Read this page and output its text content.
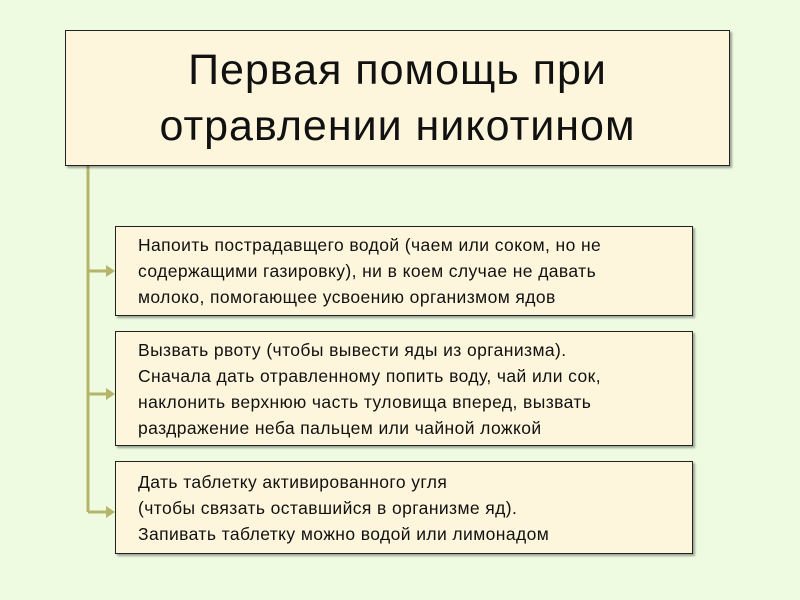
Первая помощь при
отравлении никотином
Напоить пострадавщего водой (чаем или соком, но не
содержащими газировку), ни в коем случае не давать
молоко, помогающее усвоению организмом ядов
Вызвать рвоту (чтобы вывести яды из организма).
Сначала дать отравленному попить воду, чай или сок,
наклонить верхнюю часть туловища вперед, вызвать
раздражение неба пальцем или чайной ложкой
Дать таблетку активированного угля
(чтобы связать оставшийся в организме яд).
Запивать таблетку можно водой или лимонадом
